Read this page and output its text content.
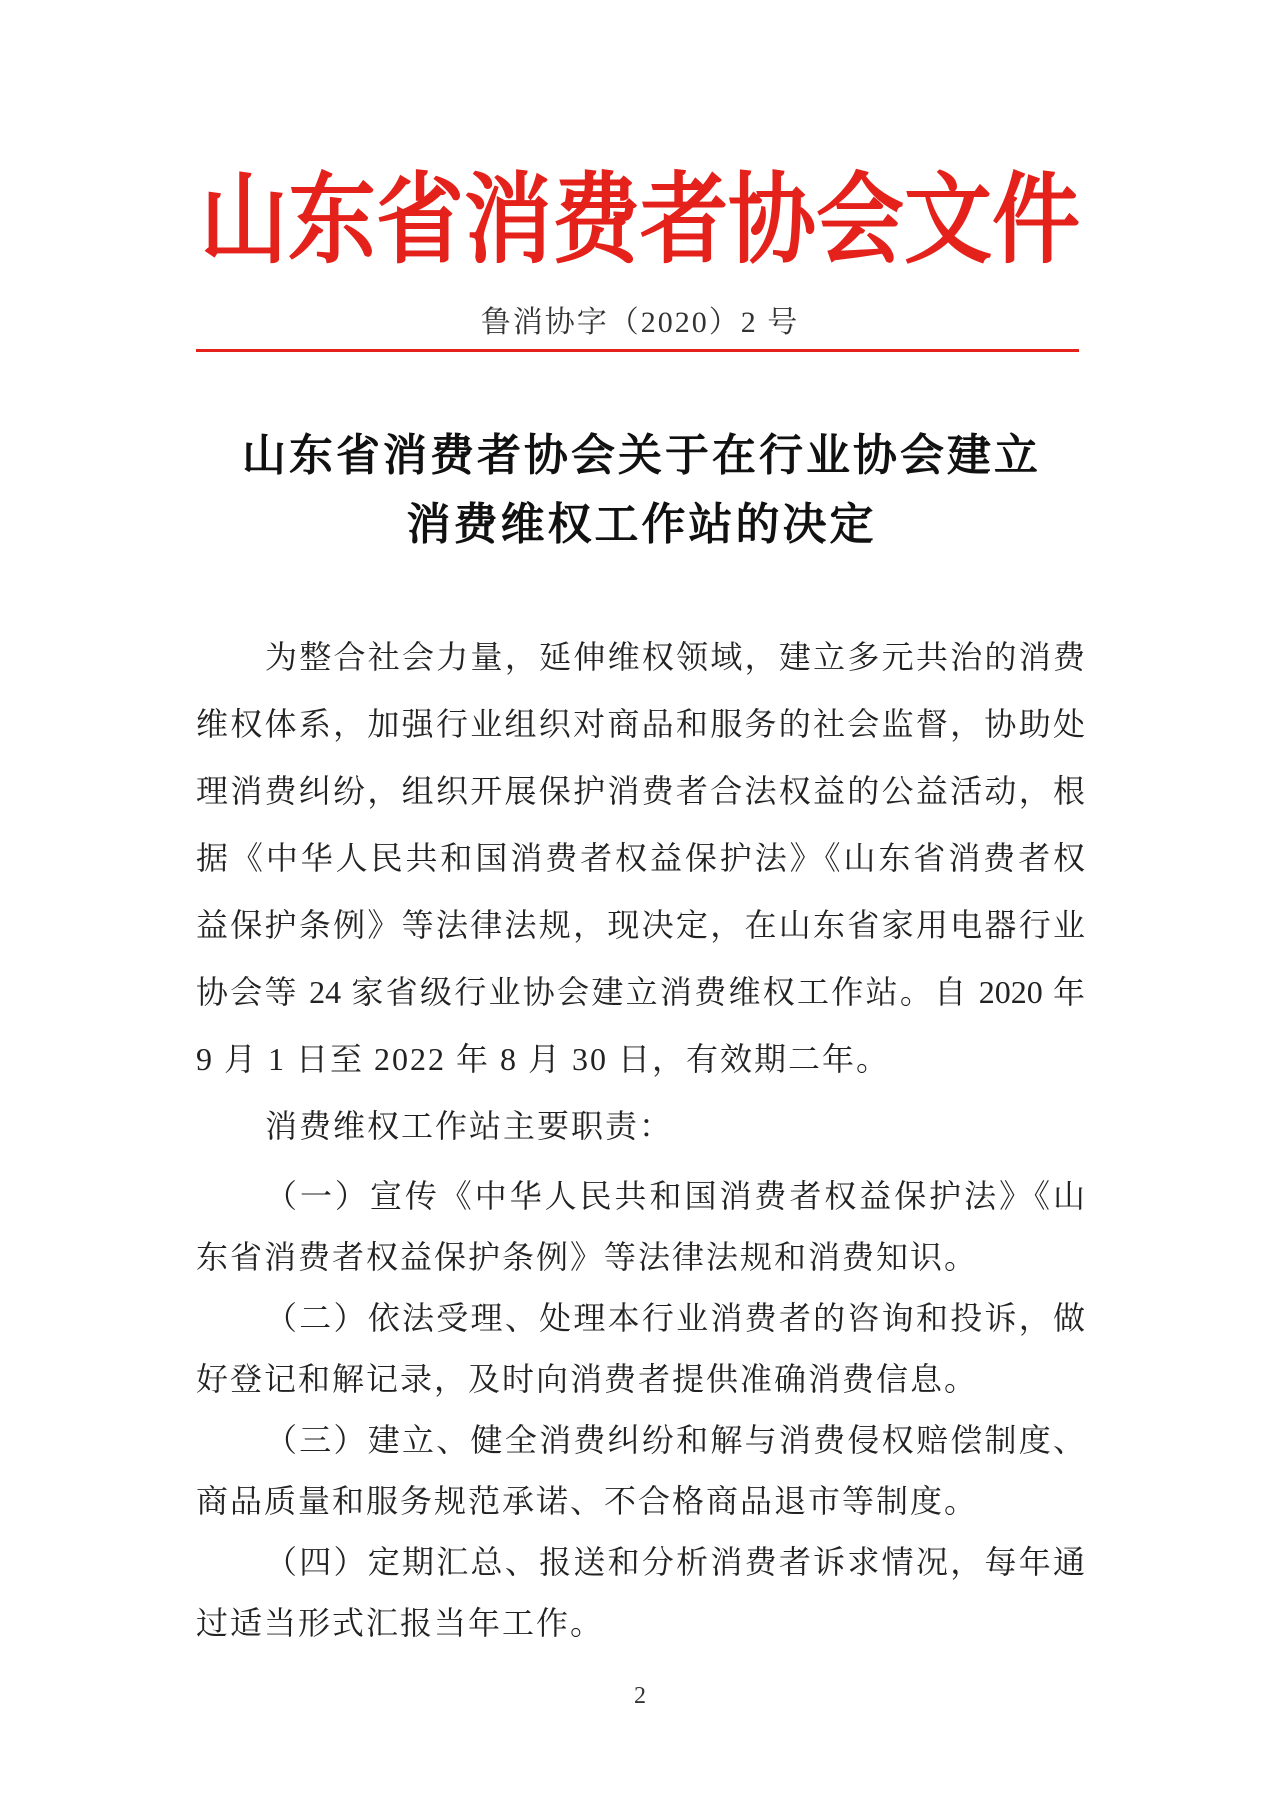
山东省消费者协会文件
鲁消协字（2020）2 号
山东省消费者协会关于在行业协会建立
消费维权工作站的决定
为整合社会力量，延伸维权领域，建立多元共治的消费
维权体系，加强行业组织对商品和服务的社会监督，协助处
理消费纠纷，组织开展保护消费者合法权益的公益活动，根
据《中华人民共和国消费者权益保护法》《山东省消费者权
益保护条例》等法律法规，现决定，在山东省家用电器行业
协会等 24 家省级行业协会建立消费维权工作站。自 2020 年
9 月 1 日至 2022 年 8 月 30 日，有效期二年。
消费维权工作站主要职责：
（一）宣传《中华人民共和国消费者权益保护法》《山
东省消费者权益保护条例》等法律法规和消费知识。
（二）依法受理、处理本行业消费者的咨询和投诉，做
好登记和解记录，及时向消费者提供准确消费信息。
（三）建立、健全消费纠纷和解与消费侵权赔偿制度、
商品质量和服务规范承诺、不合格商品退市等制度。
（四）定期汇总、报送和分析消费者诉求情况，每年通
过适当形式汇报当年工作。
2
